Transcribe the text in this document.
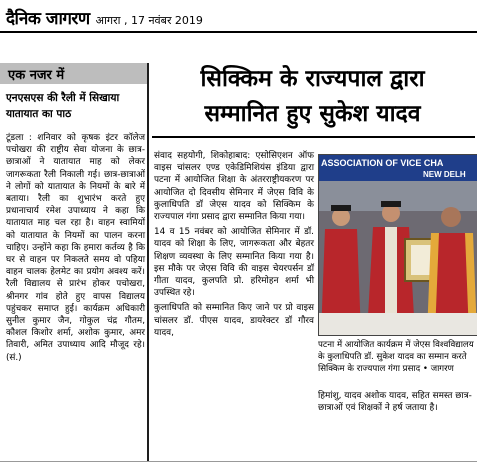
दैनिक जागरण आगरा , 17 नवंबर 2019
एक नजर में
एनएसएस की रैली में सिखाया यातायात का पाठ
टूंडला : शनिवार को कृषक इंटर कॉलेज पचोखरा की राष्ट्रीय सेवा योजना के छात्र-छात्राओं ने यातायात माह को लेकर जागरूकता रैली निकाली गई। छात्र-छात्राओं ने लोगों को यातायात के नियमों के बारे में बताया। रैली का शुभारंभ करते हुए प्रधानाचार्य रमेश उपाध्याय ने कहा कि यातायात माह चल रहा है। वाहन स्वामियों को यातायात के नियमों का पालन करना चाहिए। उन्होंने कहा कि हमारा कर्तव्य है कि घर से वाहन पर निकलते समय वो पहिया वाहन चालक हेलमेट का प्रयोग अवश्य करें। रैली विद्यालय से प्रारंभ होकर पचोखरा, श्रीनगर गांव होते हुए वापस विद्यालय पहुंचकर समाप्त हुई। कार्यक्रम अधिकारी सुनील कुमार जैन, गोकुल चंद्र गौतम, कौशल किशोर शर्मा, अशोक कुमार, अमर तिवारी, अमित उपाध्याय आदि मौजूद रहे। (सं.)
सिक्किम के राज्यपाल द्वारा
सम्मानित हुए सुकेश यादव

संवाद सहयोगी, शिकोहाबाद: एसोसिएशन ऑफ वाइस चांसलर एण्ड एकेडिमिशियंस इंडिया द्वारा पटना में आयोजित शिक्षा के अंतरराष्ट्रीयकरण पर आयोजित दो दिवसीय सेमिनार में जेएस विवि के कुलाधिपति डॉ जेएस यादव को सिक्किम के राज्यपाल गंगा प्रसाद द्वारा सम्मानित किया गया।

14 व 15 नवंबर को आयोजित सेमिनार में डॉ. यादव को शिक्षा के लिए, जागरूकता और बेहतर शिक्षण व्यवस्था के लिए सम्मानित किया गया है। इस मौके पर जेएस विवि की वाइस चेयरपर्सन डॉ गीता यादव, कुलपति प्रो. हरिमोहन शर्मा भी उपस्थित रहे।

कुलाधिपति को सम्मानित किए जाने पर प्रो वाइस चांसलर डॉ. पीएस यादव, डायरेक्टर डॉ गौरव यादव,

ASSOCIATION OF VICE CHA
NEW DELH
पटना में आयोजित कार्यक्रम में जेएस विश्वविद्यालय के कुलाधिपति डॉ. सुकेश यादव का सम्मान करते सिक्किम के राज्यपाल गंगा प्रसाद • जागरण
हिमांशु, यादव अशोक यादव, सहित समस्त छात्र- छात्राओं एवं शिक्षकों ने हर्ष जताया है।
